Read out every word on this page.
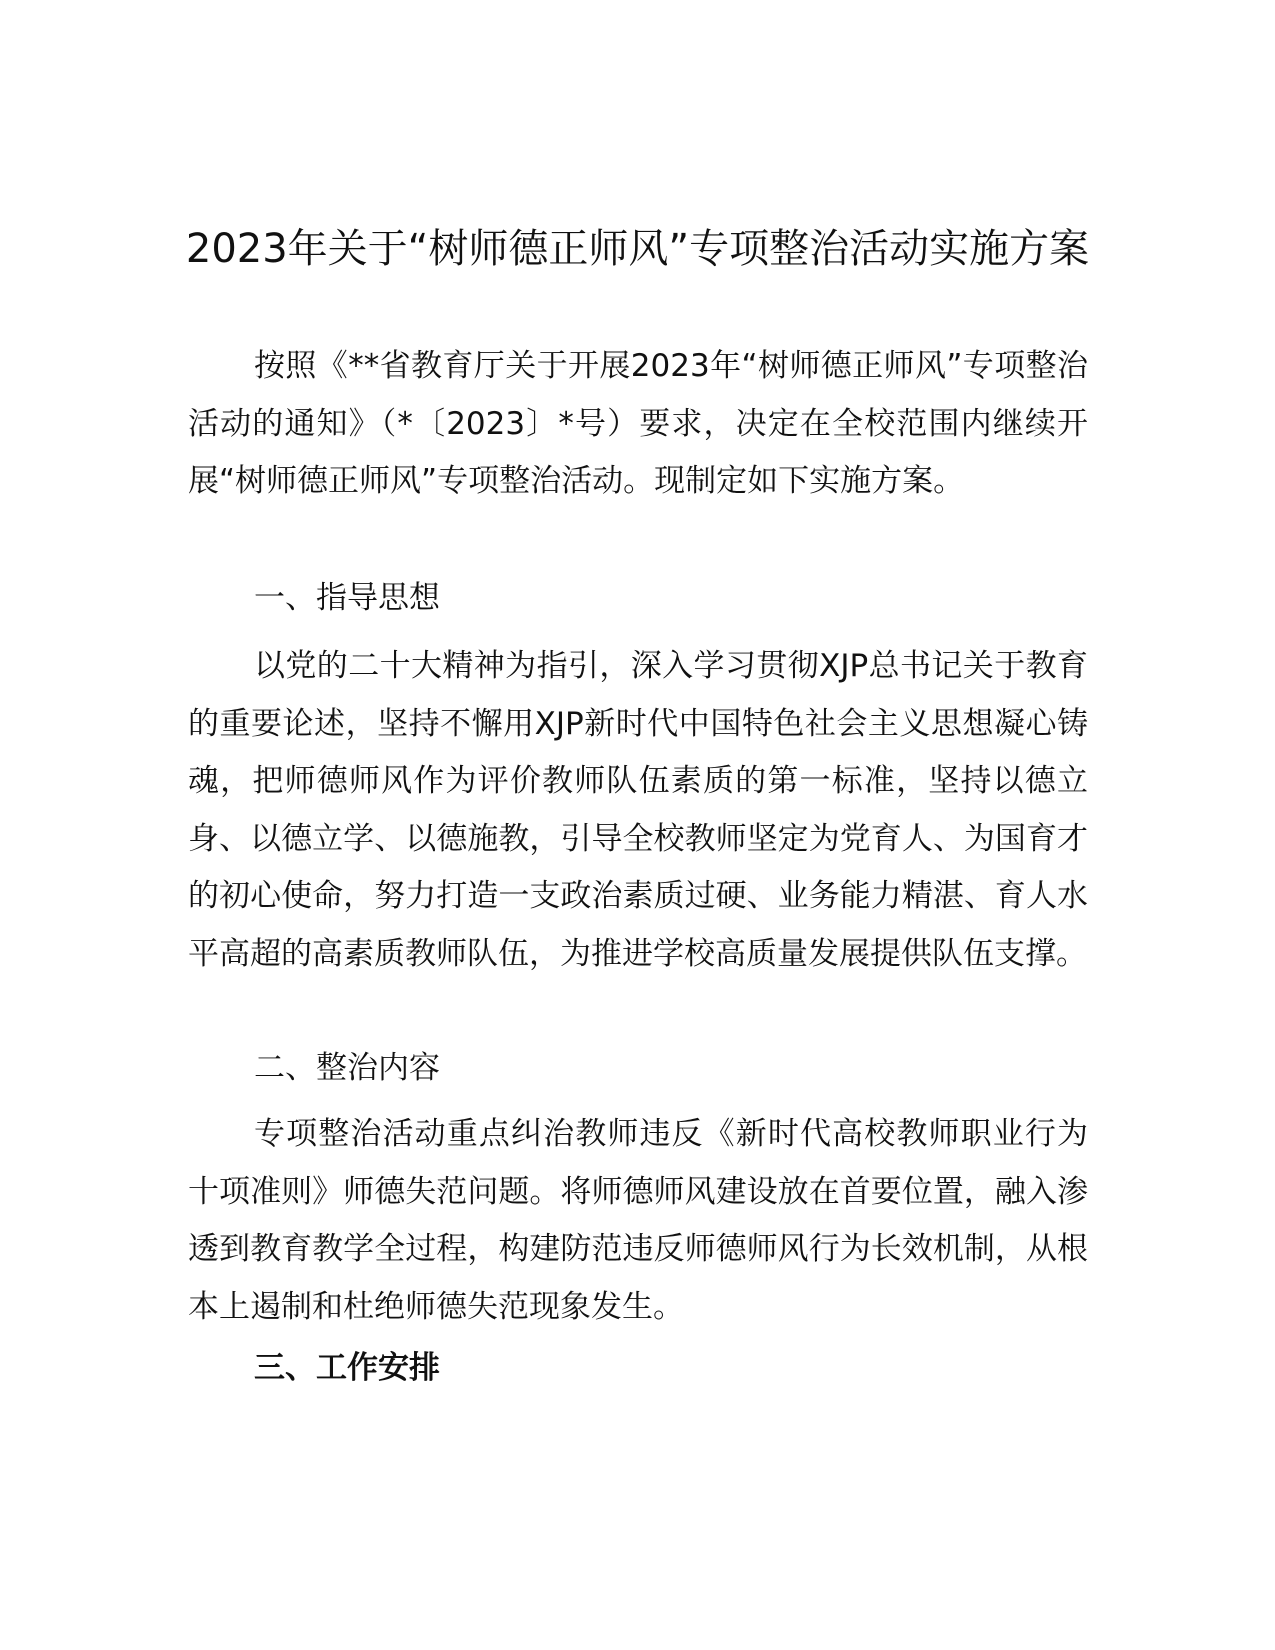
2023年关于“树师德正师风”专项整治活动实施方案

按照《**省教育厅关于开展2023年“树师德正师风”专项整治活动的通知》（*〔2023〕*号）要求，决定在全校范围内继续开展“树师德正师风”专项整治活动。现制定如下实施方案。

一、指导思想

以党的二十大精神为指引，深入学习贯彻XJP总书记关于教育的重要论述，坚持不懈用XJP新时代中国特色社会主义思想凝心铸魂，把师德师风作为评价教师队伍素质的第一标准，坚持以德立身、以德立学、以德施教，引导全校教师坚定为党育人、为国育才的初心使命，努力打造一支政治素质过硬、业务能力精湛、育人水平高超的高素质教师队伍，为推进学校高质量发展提供队伍支撑。

二、整治内容

专项整治活动重点纠治教师违反《新时代高校教师职业行为十项准则》师德失范问题。将师德师风建设放在首要位置，融入渗透到教育教学全过程，构建防范违反师德师风行为长效机制，从根本上遏制和杜绝师德失范现象发生。

三、工作安排
